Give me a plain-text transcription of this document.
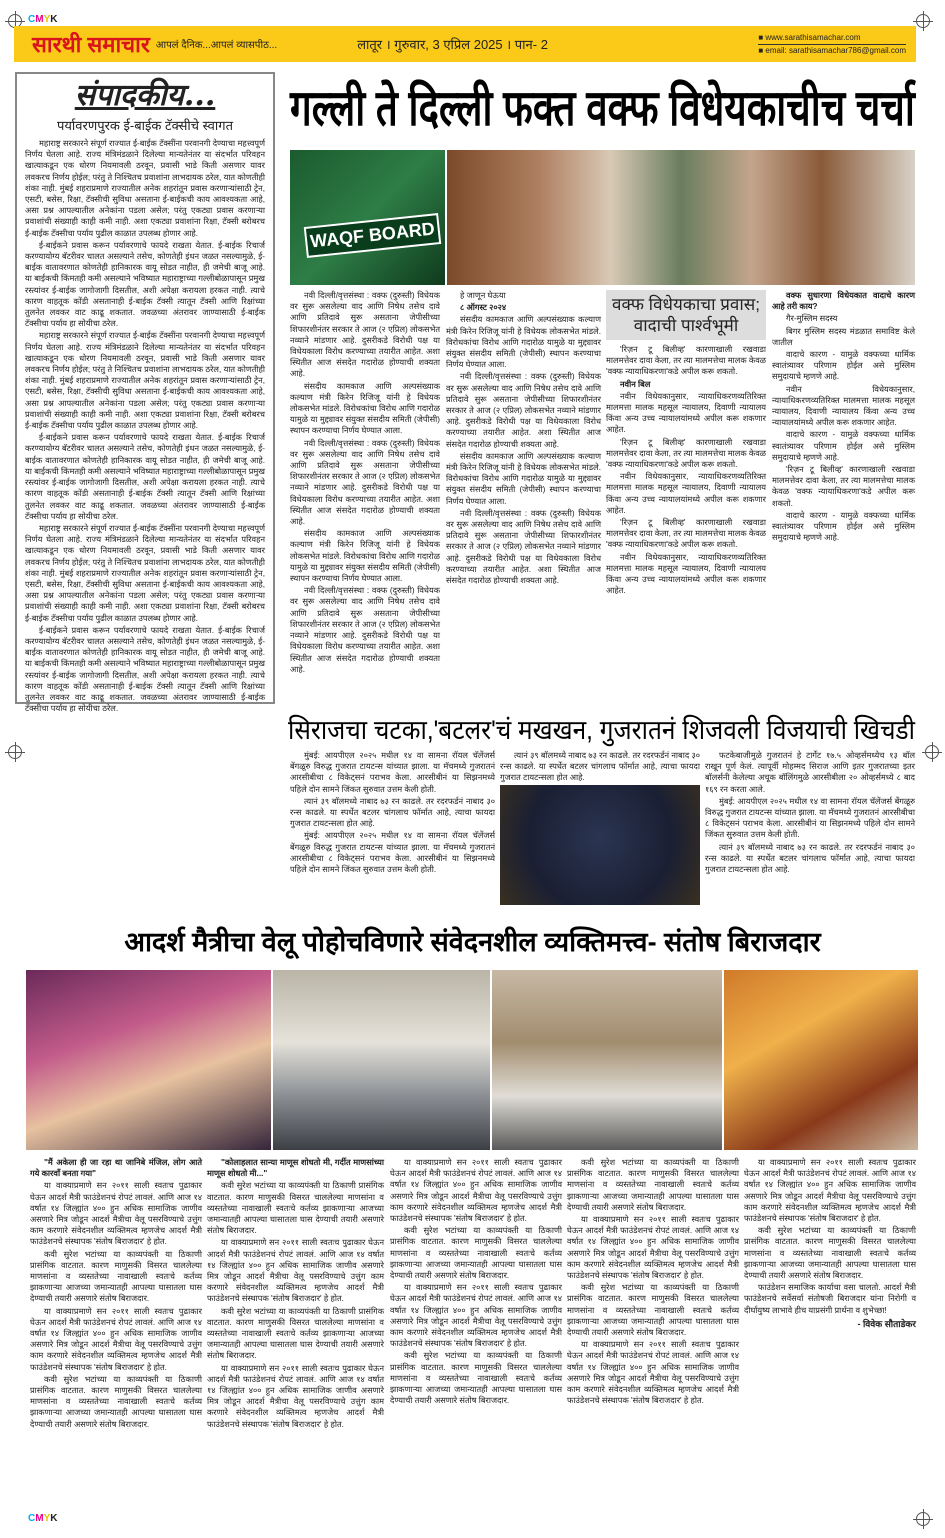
CMYK
CMYK
सारथी समाचार आपलं दैनिक...आपलं व्यासपीठ...	लातूर । गुरुवार, 3 एप्रिल 2025 । पान- 2	■ www.sarathisamachar.com
■ email: sarathisamachar786@gmail.com
संपादकीय...
पर्यावरणपुरक ई-बाईक टॅक्सीचे स्वागत

महाराष्ट्र सरकारने संपूर्ण राज्यात ई-बाईक टॅक्सींना परवानगी देण्याचा महत्त्वपूर्ण निर्णय घेतला आहे. राज्य मंत्रिमंडळाने दिलेल्या मान्यतेनंतर या संदर्भात परिवहन खात्याकडून एक धोरण नियमावली ठरवून, प्रवासी भाडे किती असणार यावर लवकरच निर्णय होईल; परंतु ते निश्चितच प्रवाशांना लाभदायक ठरेल, यात कोणतीही शंका नाही. मुंबई शहराप्रमाणे राज्यातील अनेक शहरांतून प्रवास करणाऱ्यांसाठी ट्रेन, एसटी, बसेस, रिक्षा, टॅक्सीची सुविधा असताना ई-बाईकची काय आवश्यकता आहे, असा प्रश्न आपल्यातील अनेकांना पडला असेल; परंतु एकट्या प्रवास करणाऱ्या प्रवाशांची संख्याही काही कमी नाही. अशा एकट्या प्रवाशांना रिक्षा, टॅक्सी बरोबरच ई-बाईक टॅक्सीचा पर्याय पुढील काळात उपलब्ध होणार आहे.

ई-बाईकने प्रवास करून पर्यावरणाचे फायदे राखता येतात. ई-बाईक रिचार्ज करण्यायोग्य बॅटरीवर चालत असल्याने तसेच, कोणतेही इंधन जळत नसल्यामुळे, ई-बाईक वातावरणात कोणतेही हानिकारक वायू सोडत नाहीत, ही जमेची बाजू आहे. या बाईकची किंमतही कमी असल्याने भविष्यात महाराष्ट्राच्या गल्लीबोळापासून प्रमुख रस्त्यांवर ई-बाईक जागोजागी दिसतील, अशी अपेक्षा करायला हरकत नाही. त्याचे कारण वाहतूक कोंडी असतानाही ई-बाईक टॅक्सी त्यातून टॅक्सी आणि रिक्षांच्या तुलनेत लवकर वाट काढू शकतात. जवळच्या अंतरावर जाण्यासाठी ई-बाईक टॅक्सीचा पर्याय हा सोयीचा ठरेल.

महाराष्ट्र सरकारने संपूर्ण राज्यात ई-बाईक टॅक्सींना परवानगी देण्याचा महत्त्वपूर्ण निर्णय घेतला आहे. राज्य मंत्रिमंडळाने दिलेल्या मान्यतेनंतर या संदर्भात परिवहन खात्याकडून एक धोरण नियमावली ठरवून, प्रवासी भाडे किती असणार यावर लवकरच निर्णय होईल; परंतु ते निश्चितच प्रवाशांना लाभदायक ठरेल, यात कोणतीही शंका नाही. मुंबई शहराप्रमाणे राज्यातील अनेक शहरांतून प्रवास करणाऱ्यांसाठी ट्रेन, एसटी, बसेस, रिक्षा, टॅक्सीची सुविधा असताना ई-बाईकची काय आवश्यकता आहे, असा प्रश्न आपल्यातील अनेकांना पडला असेल; परंतु एकट्या प्रवास करणाऱ्या प्रवाशांची संख्याही काही कमी नाही. अशा एकट्या प्रवाशांना रिक्षा, टॅक्सी बरोबरच ई-बाईक टॅक्सीचा पर्याय पुढील काळात उपलब्ध होणार आहे.

ई-बाईकने प्रवास करून पर्यावरणाचे फायदे राखता येतात. ई-बाईक रिचार्ज करण्यायोग्य बॅटरीवर चालत असल्याने तसेच, कोणतेही इंधन जळत नसल्यामुळे, ई-बाईक वातावरणात कोणतेही हानिकारक वायू सोडत नाहीत, ही जमेची बाजू आहे. या बाईकची किंमतही कमी असल्याने भविष्यात महाराष्ट्राच्या गल्लीबोळापासून प्रमुख रस्त्यांवर ई-बाईक जागोजागी दिसतील, अशी अपेक्षा करायला हरकत नाही. त्याचे कारण वाहतूक कोंडी असतानाही ई-बाईक टॅक्सी त्यातून टॅक्सी आणि रिक्षांच्या तुलनेत लवकर वाट काढू शकतात. जवळच्या अंतरावर जाण्यासाठी ई-बाईक टॅक्सीचा पर्याय हा सोयीचा ठरेल.

महाराष्ट्र सरकारने संपूर्ण राज्यात ई-बाईक टॅक्सींना परवानगी देण्याचा महत्त्वपूर्ण निर्णय घेतला आहे. राज्य मंत्रिमंडळाने दिलेल्या मान्यतेनंतर या संदर्भात परिवहन खात्याकडून एक धोरण नियमावली ठरवून, प्रवासी भाडे किती असणार यावर लवकरच निर्णय होईल; परंतु ते निश्चितच प्रवाशांना लाभदायक ठरेल, यात कोणतीही शंका नाही. मुंबई शहराप्रमाणे राज्यातील अनेक शहरांतून प्रवास करणाऱ्यांसाठी ट्रेन, एसटी, बसेस, रिक्षा, टॅक्सीची सुविधा असताना ई-बाईकची काय आवश्यकता आहे, असा प्रश्न आपल्यातील अनेकांना पडला असेल; परंतु एकट्या प्रवास करणाऱ्या प्रवाशांची संख्याही काही कमी नाही. अशा एकट्या प्रवाशांना रिक्षा, टॅक्सी बरोबरच ई-बाईक टॅक्सीचा पर्याय पुढील काळात उपलब्ध होणार आहे.

ई-बाईकने प्रवास करून पर्यावरणाचे फायदे राखता येतात. ई-बाईक रिचार्ज करण्यायोग्य बॅटरीवर चालत असल्याने तसेच, कोणतेही इंधन जळत नसल्यामुळे, ई-बाईक वातावरणात कोणतेही हानिकारक वायू सोडत नाहीत, ही जमेची बाजू आहे. या बाईकची किंमतही कमी असल्याने भविष्यात महाराष्ट्राच्या गल्लीबोळापासून प्रमुख रस्त्यांवर ई-बाईक जागोजागी दिसतील, अशी अपेक्षा करायला हरकत नाही. त्याचे कारण वाहतूक कोंडी असतानाही ई-बाईक टॅक्सी त्यातून टॅक्सी आणि रिक्षांच्या तुलनेत लवकर वाट काढू शकतात. जवळच्या अंतरावर जाण्यासाठी ई-बाईक टॅक्सीचा पर्याय हा सोयीचा ठरेल.

गल्ली ते दिल्ली फक्त वक्फ विधेयकाचीच चर्चा
WAQF BOARD

नवी दिल्ली/वृत्तसंस्था : वक्फ (दुरुस्ती) विधेयक वर सुरू असलेल्या वाद आणि निषेध तसेच दावे आणि प्रतिदावे सुरू असताना जेपीसीच्या शिफारशीनंतर सरकार ते आज (२ एप्रिल) लोकसभेत नव्याने मांडणार आहे. दुसरीकडे विरोधी पक्ष या विधेयकाला विरोध करण्याच्या तयारीत आहेत. अशा स्थितीत आज संसदेत गदारोळ होण्याची शक्यता आहे.

संसदीय कामकाज आणि अल्पसंख्याक कल्याण मंत्री किरेन रिजिजू यांनी हे विधेयक लोकसभेत मांडले. विरोधकांचा विरोध आणि गदारोळ यामुळे या मुद्द्यावर संयुक्त संसदीय समिती (जेपीसी) स्थापन करण्याचा निर्णय घेण्यात आला.

नवी दिल्ली/वृत्तसंस्था : वक्फ (दुरुस्ती) विधेयक वर सुरू असलेल्या वाद आणि निषेध तसेच दावे आणि प्रतिदावे सुरू असताना जेपीसीच्या शिफारशीनंतर सरकार ते आज (२ एप्रिल) लोकसभेत नव्याने मांडणार आहे. दुसरीकडे विरोधी पक्ष या विधेयकाला विरोध करण्याच्या तयारीत आहेत. अशा स्थितीत आज संसदेत गदारोळ होण्याची शक्यता आहे.

संसदीय कामकाज आणि अल्पसंख्याक कल्याण मंत्री किरेन रिजिजू यांनी हे विधेयक लोकसभेत मांडले. विरोधकांचा विरोध आणि गदारोळ यामुळे या मुद्द्यावर संयुक्त संसदीय समिती (जेपीसी) स्थापन करण्याचा निर्णय घेण्यात आला.

नवी दिल्ली/वृत्तसंस्था : वक्फ (दुरुस्ती) विधेयक वर सुरू असलेल्या वाद आणि निषेध तसेच दावे आणि प्रतिदावे सुरू असताना जेपीसीच्या शिफारशीनंतर सरकार ते आज (२ एप्रिल) लोकसभेत नव्याने मांडणार आहे. दुसरीकडे विरोधी पक्ष या विधेयकाला विरोध करण्याच्या तयारीत आहेत. अशा स्थितीत आज संसदेत गदारोळ होण्याची शक्यता आहे.

हे जाणून घेऊया

८ ऑगस्ट २०२४

संसदीय कामकाज आणि अल्पसंख्याक कल्याण मंत्री किरेन रिजिजू यांनी हे विधेयक लोकसभेत मांडले. विरोधकांचा विरोध आणि गदारोळ यामुळे या मुद्द्यावर संयुक्त संसदीय समिती (जेपीसी) स्थापन करण्याचा निर्णय घेण्यात आला.

नवी दिल्ली/वृत्तसंस्था : वक्फ (दुरुस्ती) विधेयक वर सुरू असलेल्या वाद आणि निषेध तसेच दावे आणि प्रतिदावे सुरू असताना जेपीसीच्या शिफारशीनंतर सरकार ते आज (२ एप्रिल) लोकसभेत नव्याने मांडणार आहे. दुसरीकडे विरोधी पक्ष या विधेयकाला विरोध करण्याच्या तयारीत आहेत. अशा स्थितीत आज संसदेत गदारोळ होण्याची शक्यता आहे.

संसदीय कामकाज आणि अल्पसंख्याक कल्याण मंत्री किरेन रिजिजू यांनी हे विधेयक लोकसभेत मांडले. विरोधकांचा विरोध आणि गदारोळ यामुळे या मुद्द्यावर संयुक्त संसदीय समिती (जेपीसी) स्थापन करण्याचा निर्णय घेण्यात आला.

नवी दिल्ली/वृत्तसंस्था : वक्फ (दुरुस्ती) विधेयक वर सुरू असलेल्या वाद आणि निषेध तसेच दावे आणि प्रतिदावे सुरू असताना जेपीसीच्या शिफारशीनंतर सरकार ते आज (२ एप्रिल) लोकसभेत नव्याने मांडणार आहे. दुसरीकडे विरोधी पक्ष या विधेयकाला विरोध करण्याच्या तयारीत आहेत. अशा स्थितीत आज संसदेत गदारोळ होण्याची शक्यता आहे.

वक्फ विधेयकाचा प्रवास; वादाची पार्श्वभूमी

'रिज़न टू बिलीव्ह' कारणाखाली रखवाडा मालमत्तेवर दावा केला, तर त्या मालमत्तेचा मालक केवळ 'वक्फ न्यायाधिकरणा'कडे अपील करू शकतो.

नवीन बिल

नवीन विधेयकानुसार, न्यायाधिकरणव्यतिरिक्त मालमत्ता मालक महसूल न्यायालय, दिवाणी न्यायालय किंवा अन्य उच्च न्यायालयांमध्ये अपील करू शकणार आहेत.

'रिज़न टू बिलीव्ह' कारणाखाली रखवाडा मालमत्तेवर दावा केला, तर त्या मालमत्तेचा मालक केवळ 'वक्फ न्यायाधिकरणा'कडे अपील करू शकतो.

नवीन विधेयकानुसार, न्यायाधिकरणव्यतिरिक्त मालमत्ता मालक महसूल न्यायालय, दिवाणी न्यायालय किंवा अन्य उच्च न्यायालयांमध्ये अपील करू शकणार आहेत.

'रिज़न टू बिलीव्ह' कारणाखाली रखवाडा मालमत्तेवर दावा केला, तर त्या मालमत्तेचा मालक केवळ 'वक्फ न्यायाधिकरणा'कडे अपील करू शकतो.

नवीन विधेयकानुसार, न्यायाधिकरणव्यतिरिक्त मालमत्ता मालक महसूल न्यायालय, दिवाणी न्यायालय किंवा अन्य उच्च न्यायालयांमध्ये अपील करू शकणार आहेत.

वक्फ सुधारणा विधेयकात वादाचे कारण आहे तरी काय?

गैर-मुस्लिम सदस्य

बिगर मुस्लिम सदस्य मंडळात समाविष्ट केले जातील

वादाचे कारण - यामुळे वक्फच्या धार्मिक स्वातंत्र्यावर परिणाम होईल असे मुस्लिम समुदायाचे म्हणणे आहे.

नवीन विधेयकानुसार, न्यायाधिकरणव्यतिरिक्त मालमत्ता मालक महसूल न्यायालय, दिवाणी न्यायालय किंवा अन्य उच्च न्यायालयांमध्ये अपील करू शकणार आहेत.

वादाचे कारण - यामुळे वक्फच्या धार्मिक स्वातंत्र्यावर परिणाम होईल असे मुस्लिम समुदायाचे म्हणणे आहे.

'रिज़न टू बिलीव्ह' कारणाखाली रखवाडा मालमत्तेवर दावा केला, तर त्या मालमत्तेचा मालक केवळ 'वक्फ न्यायाधिकरणा'कडे अपील करू शकतो.

वादाचे कारण - यामुळे वक्फच्या धार्मिक स्वातंत्र्यावर परिणाम होईल असे मुस्लिम समुदायाचे म्हणणे आहे.

सिराजचा चटका,'बटलर'चं मखखन, गुजरातनं शिजवली विजयाची खिचडी

मुंबई: आयपीएल २०२५ मधील १४ वा सामना रॉयल चॅलेंजर्स बेंगळूरु विरुद्ध गुजरात टायटन्स यांच्यात झाला. या मॅचमध्ये गुजरातनं आरसीबीचा ८ विकेट्सनं पराभव केला. आरसीबीनं या सिझनमध्ये पहिले दोन सामने जिंकत सुरुवात उत्तम केली होती.

त्यानं ३९ बॉलमध्ये नाबाद ७३ रन काढले. तर रदरफर्डनं नाबाद ३० रन्स काढले. या स्पर्धेत बटलर चांगलाच फॉर्मात आहे, त्याचा फायदा गुजरात टायटन्सला होत आहे.

मुंबई: आयपीएल २०२५ मधील १४ वा सामना रॉयल चॅलेंजर्स बेंगळूरु विरुद्ध गुजरात टायटन्स यांच्यात झाला. या मॅचमध्ये गुजरातनं आरसीबीचा ८ विकेट्सनं पराभव केला. आरसीबीनं या सिझनमध्ये पहिले दोन सामने जिंकत सुरुवात उत्तम केली होती.

त्यानं ३९ बॉलमध्ये नाबाद ७३ रन काढले. तर रदरफर्डनं नाबाद ३० रन्स काढले. या स्पर्धेत बटलर चांगलाच फॉर्मात आहे, त्याचा फायदा गुजरात टायटन्सला होत आहे.

फटकेबाजीमुळे गुजरातनं हे टार्गेट १७.५ ओव्हर्समध्येच १३ बॉल राखून पूर्ण केलं. त्यापूर्वी मोहम्मद सिराज आणि इतर गुजरातच्या इतर बॉलर्सनी केलेल्या अचूक बॉलिंगमुळे आरसीबीला २० ओव्हर्समध्ये ८ बाद १६९ रन करता आले.

मुंबई: आयपीएल २०२५ मधील १४ वा सामना रॉयल चॅलेंजर्स बेंगळूरु विरुद्ध गुजरात टायटन्स यांच्यात झाला. या मॅचमध्ये गुजरातनं आरसीबीचा ८ विकेट्सनं पराभव केला. आरसीबीनं या सिझनमध्ये पहिले दोन सामने जिंकत सुरुवात उत्तम केली होती.

त्यानं ३९ बॉलमध्ये नाबाद ७३ रन काढले. तर रदरफर्डनं नाबाद ३० रन्स काढले. या स्पर्धेत बटलर चांगलाच फॉर्मात आहे, त्याचा फायदा गुजरात टायटन्सला होत आहे.

आदर्श मैत्रीचा वेलू पोहोचविणारे संवेदनशील व्यक्तिमत्त्व- संतोष बिराजदार

"मैं अकेला ही जा रहा था जानिबे मंजिल, लोग आते गये कारवाँ बनता गया"

या वाक्याप्रमाणे सन २०११ साली स्वतःच पुढाकार घेऊन आदर्श मैत्री फाउंडेशनचं रोपटं लावलं. आणि आज १४ वर्षात १४ जिल्ह्यांत ४०० हुन अधिक सामाजिक जाणीव असणारे मित्र जोडून आदर्श मैत्रीचा वेलू पसरविण्याचे उत्तुंग काम करणारे संवेदनशील व्यक्तिमत्व म्हणजेच आदर्श मैत्री फाउंडेशनचे संस्थापक 'संतोष बिराजदार' हे होत.

कवी सुरेश भटांच्या या काव्यपंक्ती या ठिकाणी प्रासंगिक वाटतात. कारण माणुसकी विसरत चाललेल्या माणसांना व व्यस्ततेच्या नावाखाली स्वतःचे कर्तव्य झाकणाऱ्या आजच्या जमान्यातही आपल्या घासातला घास देण्याची तयारी असणारे संतोष बिराजदार.

या वाक्याप्रमाणे सन २०११ साली स्वतःच पुढाकार घेऊन आदर्श मैत्री फाउंडेशनचं रोपटं लावलं. आणि आज १४ वर्षात १४ जिल्ह्यांत ४०० हुन अधिक सामाजिक जाणीव असणारे मित्र जोडून आदर्श मैत्रीचा वेलू पसरविण्याचे उत्तुंग काम करणारे संवेदनशील व्यक्तिमत्व म्हणजेच आदर्श मैत्री फाउंडेशनचे संस्थापक 'संतोष बिराजदार' हे होत.

कवी सुरेश भटांच्या या काव्यपंक्ती या ठिकाणी प्रासंगिक वाटतात. कारण माणुसकी विसरत चाललेल्या माणसांना व व्यस्ततेच्या नावाखाली स्वतःचे कर्तव्य झाकणाऱ्या आजच्या जमान्यातही आपल्या घासातला घास देण्याची तयारी असणारे संतोष बिराजदार.

"कोलाहलात सान्या माणूस शोधतो मी, गर्दीत माणसांच्या माणूस शोधतो मी..."

कवी सुरेश भटांच्या या काव्यपंक्ती या ठिकाणी प्रासंगिक वाटतात. कारण माणुसकी विसरत चाललेल्या माणसांना व व्यस्ततेच्या नावाखाली स्वतःचे कर्तव्य झाकणाऱ्या आजच्या जमान्यातही आपल्या घासातला घास देण्याची तयारी असणारे संतोष बिराजदार.

या वाक्याप्रमाणे सन २०११ साली स्वतःच पुढाकार घेऊन आदर्श मैत्री फाउंडेशनचं रोपटं लावलं. आणि आज १४ वर्षात १४ जिल्ह्यांत ४०० हुन अधिक सामाजिक जाणीव असणारे मित्र जोडून आदर्श मैत्रीचा वेलू पसरविण्याचे उत्तुंग काम करणारे संवेदनशील व्यक्तिमत्व म्हणजेच आदर्श मैत्री फाउंडेशनचे संस्थापक 'संतोष बिराजदार' हे होत.

कवी सुरेश भटांच्या या काव्यपंक्ती या ठिकाणी प्रासंगिक वाटतात. कारण माणुसकी विसरत चाललेल्या माणसांना व व्यस्ततेच्या नावाखाली स्वतःचे कर्तव्य झाकणाऱ्या आजच्या जमान्यातही आपल्या घासातला घास देण्याची तयारी असणारे संतोष बिराजदार.

या वाक्याप्रमाणे सन २०११ साली स्वतःच पुढाकार घेऊन आदर्श मैत्री फाउंडेशनचं रोपटं लावलं. आणि आज १४ वर्षात १४ जिल्ह्यांत ४०० हुन अधिक सामाजिक जाणीव असणारे मित्र जोडून आदर्श मैत्रीचा वेलू पसरविण्याचे उत्तुंग काम करणारे संवेदनशील व्यक्तिमत्व म्हणजेच आदर्श मैत्री फाउंडेशनचे संस्थापक 'संतोष बिराजदार' हे होत.

या वाक्याप्रमाणे सन २०११ साली स्वतःच पुढाकार घेऊन आदर्श मैत्री फाउंडेशनचं रोपटं लावलं. आणि आज १४ वर्षात १४ जिल्ह्यांत ४०० हुन अधिक सामाजिक जाणीव असणारे मित्र जोडून आदर्श मैत्रीचा वेलू पसरविण्याचे उत्तुंग काम करणारे संवेदनशील व्यक्तिमत्व म्हणजेच आदर्श मैत्री फाउंडेशनचे संस्थापक 'संतोष बिराजदार' हे होत.

कवी सुरेश भटांच्या या काव्यपंक्ती या ठिकाणी प्रासंगिक वाटतात. कारण माणुसकी विसरत चाललेल्या माणसांना व व्यस्ततेच्या नावाखाली स्वतःचे कर्तव्य झाकणाऱ्या आजच्या जमान्यातही आपल्या घासातला घास देण्याची तयारी असणारे संतोष बिराजदार.

या वाक्याप्रमाणे सन २०११ साली स्वतःच पुढाकार घेऊन आदर्श मैत्री फाउंडेशनचं रोपटं लावलं. आणि आज १४ वर्षात १४ जिल्ह्यांत ४०० हुन अधिक सामाजिक जाणीव असणारे मित्र जोडून आदर्श मैत्रीचा वेलू पसरविण्याचे उत्तुंग काम करणारे संवेदनशील व्यक्तिमत्व म्हणजेच आदर्श मैत्री फाउंडेशनचे संस्थापक 'संतोष बिराजदार' हे होत.

कवी सुरेश भटांच्या या काव्यपंक्ती या ठिकाणी प्रासंगिक वाटतात. कारण माणुसकी विसरत चाललेल्या माणसांना व व्यस्ततेच्या नावाखाली स्वतःचे कर्तव्य झाकणाऱ्या आजच्या जमान्यातही आपल्या घासातला घास देण्याची तयारी असणारे संतोष बिराजदार.

कवी सुरेश भटांच्या या काव्यपंक्ती या ठिकाणी प्रासंगिक वाटतात. कारण माणुसकी विसरत चाललेल्या माणसांना व व्यस्ततेच्या नावाखाली स्वतःचे कर्तव्य झाकणाऱ्या आजच्या जमान्यातही आपल्या घासातला घास देण्याची तयारी असणारे संतोष बिराजदार.

या वाक्याप्रमाणे सन २०११ साली स्वतःच पुढाकार घेऊन आदर्श मैत्री फाउंडेशनचं रोपटं लावलं. आणि आज १४ वर्षात १४ जिल्ह्यांत ४०० हुन अधिक सामाजिक जाणीव असणारे मित्र जोडून आदर्श मैत्रीचा वेलू पसरविण्याचे उत्तुंग काम करणारे संवेदनशील व्यक्तिमत्व म्हणजेच आदर्श मैत्री फाउंडेशनचे संस्थापक 'संतोष बिराजदार' हे होत.

कवी सुरेश भटांच्या या काव्यपंक्ती या ठिकाणी प्रासंगिक वाटतात. कारण माणुसकी विसरत चाललेल्या माणसांना व व्यस्ततेच्या नावाखाली स्वतःचे कर्तव्य झाकणाऱ्या आजच्या जमान्यातही आपल्या घासातला घास देण्याची तयारी असणारे संतोष बिराजदार.

या वाक्याप्रमाणे सन २०११ साली स्वतःच पुढाकार घेऊन आदर्श मैत्री फाउंडेशनचं रोपटं लावलं. आणि आज १४ वर्षात १४ जिल्ह्यांत ४०० हुन अधिक सामाजिक जाणीव असणारे मित्र जोडून आदर्श मैत्रीचा वेलू पसरविण्याचे उत्तुंग काम करणारे संवेदनशील व्यक्तिमत्व म्हणजेच आदर्श मैत्री फाउंडेशनचे संस्थापक 'संतोष बिराजदार' हे होत.

या वाक्याप्रमाणे सन २०११ साली स्वतःच पुढाकार घेऊन आदर्श मैत्री फाउंडेशनचं रोपटं लावलं. आणि आज १४ वर्षात १४ जिल्ह्यांत ४०० हुन अधिक सामाजिक जाणीव असणारे मित्र जोडून आदर्श मैत्रीचा वेलू पसरविण्याचे उत्तुंग काम करणारे संवेदनशील व्यक्तिमत्व म्हणजेच आदर्श मैत्री फाउंडेशनचे संस्थापक 'संतोष बिराजदार' हे होत.

कवी सुरेश भटांच्या या काव्यपंक्ती या ठिकाणी प्रासंगिक वाटतात. कारण माणुसकी विसरत चाललेल्या माणसांना व व्यस्ततेच्या नावाखाली स्वतःचे कर्तव्य झाकणाऱ्या आजच्या जमान्यातही आपल्या घासातला घास देण्याची तयारी असणारे संतोष बिराजदार.

फाउंडेशन समाजिक कार्याचा वसा चालतो. आदर्श मैत्री फाउंडेशनचे सर्वेसर्वा संतोषजी बिराजदार यांना निरोगी व दीर्घायुष्य लाभावे हीच याप्रसंगी प्रार्थना व शुभेच्छा!

- विवेक सौताडेकर
